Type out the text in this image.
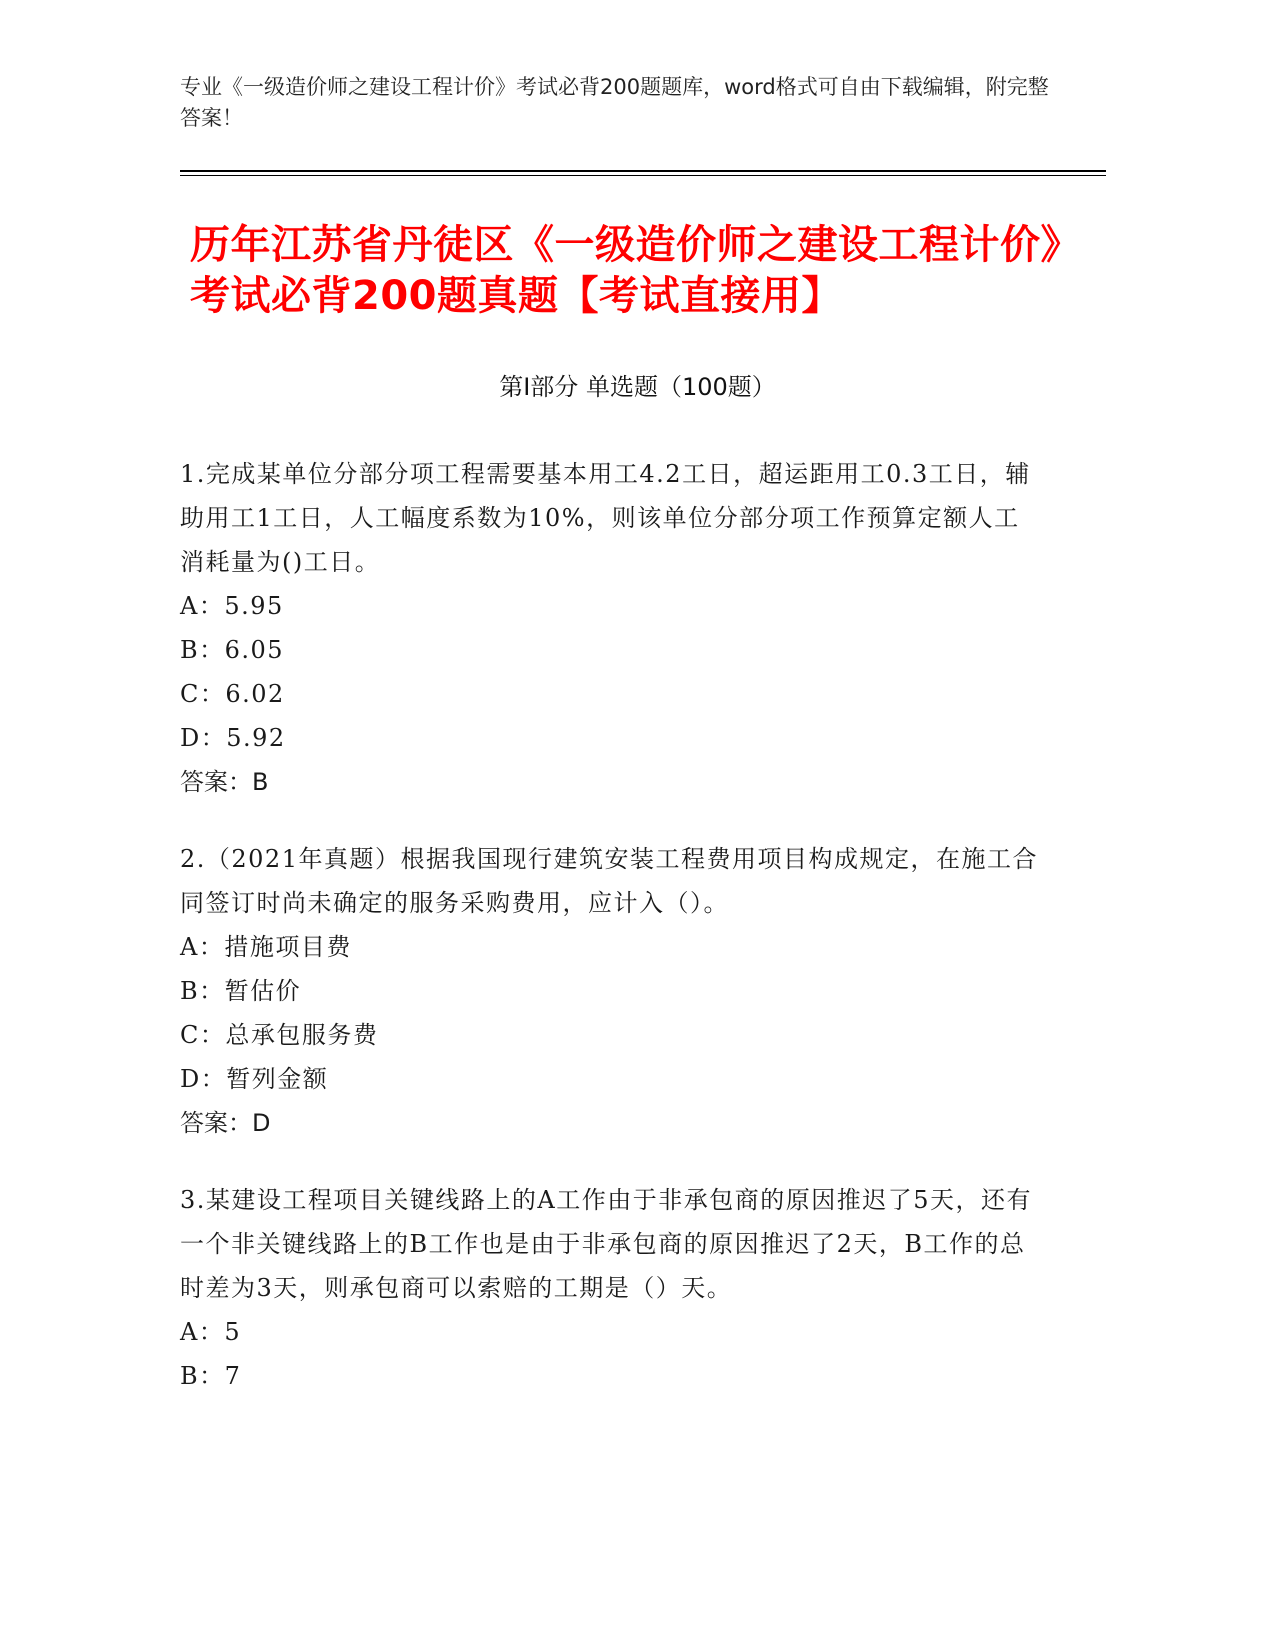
专业《一级造价师之建设工程计价》考试必背200题题库，word格式可自由下载编辑，附完整答案！
历年江苏省丹徒区《一级造价师之建设工程计价》考试必背200题真题【考试直接用】
第Ⅰ部分 单选题（100题）
1.完成某单位分部分项工程需要基本用工4.2工日，超运距用工0.3工日，辅助用工1工日，人工幅度系数为10%，则该单位分部分项工作预算定额人工消耗量为()工日。
A：5.95
B：6.05
C：6.02
D：5.92
答案：B
2.（2021年真题）根据我国现行建筑安装工程费用项目构成规定，在施工合同签订时尚未确定的服务采购费用，应计入（）。
A：措施项目费
B：暂估价
C：总承包服务费
D：暂列金额
答案：D
3.某建设工程项目关键线路上的A工作由于非承包商的原因推迟了5天，还有一个非关键线路上的B工作也是由于非承包商的原因推迟了2天，B工作的总时差为3天，则承包商可以索赔的工期是（）天。
A：5
B：7
